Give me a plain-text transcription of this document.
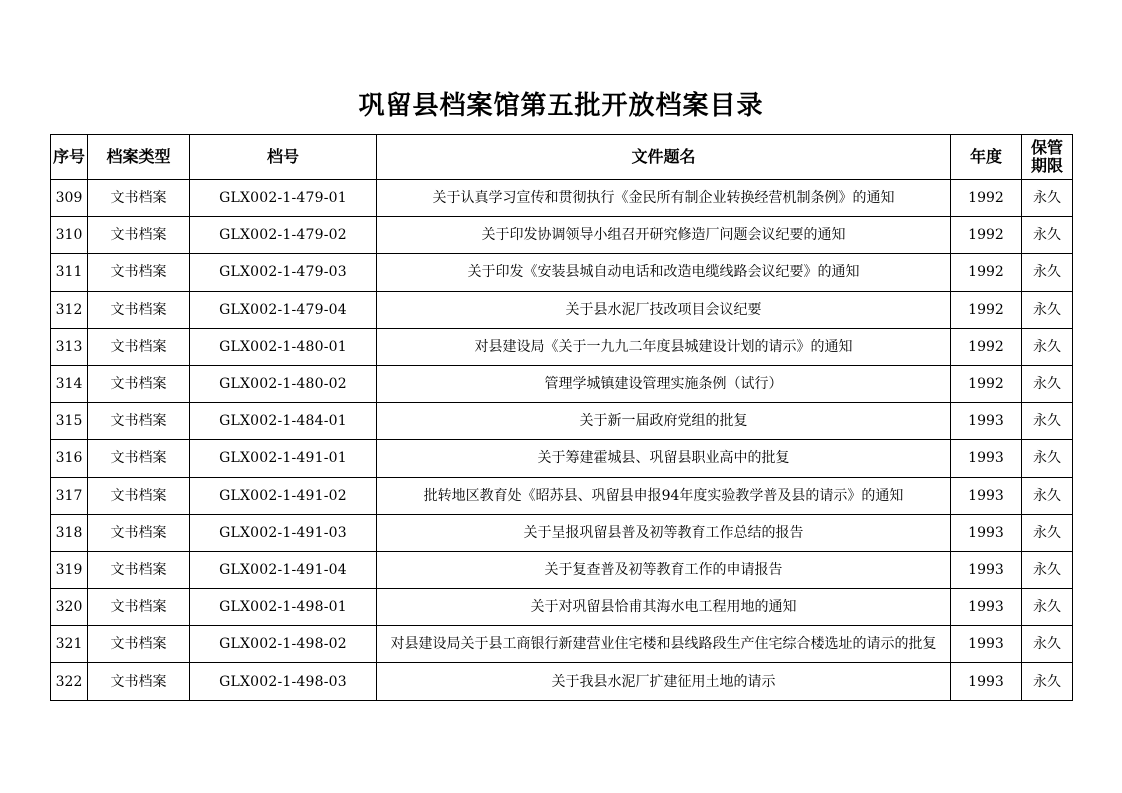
巩留县档案馆第五批开放档案目录
序号	档案类型	档号	文件题名	年度	保管
期限
309	文书档案	GLX002-1-479-01	关于认真学习宣传和贯彻执行《金民所有制企业转换经营机制条例》的通知	1992	永久
310	文书档案	GLX002-1-479-02	关于印发协调领导小组召开研究修造厂问题会议纪要的通知	1992	永久
311	文书档案	GLX002-1-479-03	关于印发《安装县城自动电话和改造电缆线路会议纪要》的通知	1992	永久
312	文书档案	GLX002-1-479-04	关于县水泥厂技改项目会议纪要	1992	永久
313	文书档案	GLX002-1-480-01	对县建设局《关于一九九二年度县城建设计划的请示》的通知	1992	永久
314	文书档案	GLX002-1-480-02	管理学城镇建设管理实施条例（试行）	1992	永久
315	文书档案	GLX002-1-484-01	关于新一届政府党组的批复	1993	永久
316	文书档案	GLX002-1-491-01	关于筹建霍城县、巩留县职业高中的批复	1993	永久
317	文书档案	GLX002-1-491-02	批转地区教育处《昭苏县、巩留县申报94年度实验教学普及县的请示》的通知	1993	永久
318	文书档案	GLX002-1-491-03	关于呈报巩留县普及初等教育工作总结的报告	1993	永久
319	文书档案	GLX002-1-491-04	关于复查普及初等教育工作的申请报告	1993	永久
320	文书档案	GLX002-1-498-01	关于对巩留县恰甫其海水电工程用地的通知	1993	永久
321	文书档案	GLX002-1-498-02	对县建设局关于县工商银行新建营业住宅楼和县线路段生产住宅综合楼选址的请示的批复	1993	永久
322	文书档案	GLX002-1-498-03	关于我县水泥厂扩建征用土地的请示	1993	永久
